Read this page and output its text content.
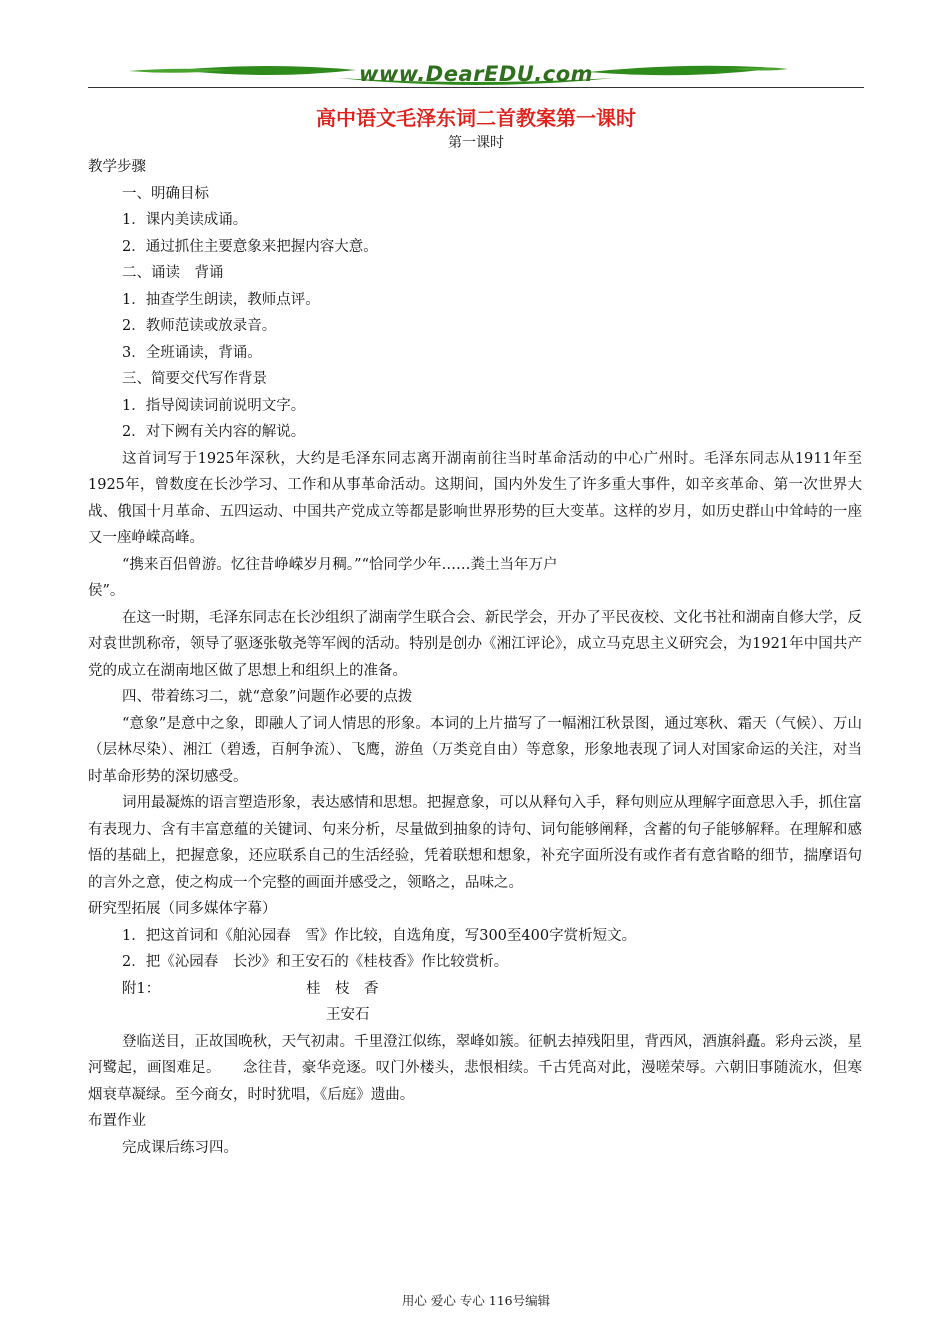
www.DearEDU.com
高中语文毛泽东词二首教案第一课时
第一课时
教学步骤
一、明确目标
1．课内美读成诵。
2．通过抓住主要意象来把握内容大意。
二、诵读　背诵
1．抽查学生朗读，教师点评。
2．教师范读或放录音。
3．全班诵读，背诵。
三、简要交代写作背景
1．指导阅读词前说明文字。
2．对下阙有关内容的解说。

这首词写于1925年深秋，大约是毛泽东同志离开湖南前往当时革命活动的中心广州时。毛泽东同志从1911年至1925年，曾数度在长沙学习、工作和从事革命活动。这期间，国内外发生了许多重大事件，如辛亥革命、第一次世界大战、俄国十月革命、五四运动、中国共产党成立等都是影响世界形势的巨大变革。这样的岁月，如历史群山中耸峙的一座又一座峥嵘高峰。

“携来百侣曾游。忆往昔峥嵘岁月稠。”“恰同学少年……粪土当年万户
侯”。

在这一时期，毛泽东同志在长沙组织了湖南学生联合会、新民学会，开办了平民夜校、文化书社和湖南自修大学，反对袁世凯称帝，领导了驱逐张敬尧等军阀的活动。特别是创办《湘江评论》，成立马克思主义研究会，为1921年中国共产党的成立在湖南地区做了思想上和组织上的准备。

四、带着练习二，就“意象”问题作必要的点拨

“意象”是意中之象，即融人了词人情思的形象。本词的上片描写了一幅湘江秋景图，通过寒秋、霜天（气候）、万山（层林尽染）、湘江（碧透，百舸争流）、飞鹰，游鱼（万类竞自由）等意象，形象地表现了词人对国家命运的关注，对当时革命形势的深切感受。

词用最凝炼的语言塑造形象，表达感情和思想。把握意象，可以从释句入手，释句则应从理解字面意思入手，抓住富有表现力、含有丰富意蕴的关键词、句来分析，尽量做到抽象的诗句、词句能够阐释，含蓄的句子能够解释。在理解和感悟的基础上，把握意象，还应联系自己的生活经验，凭着联想和想象，补充字面所没有或作者有意省略的细节，揣摩语句的言外之意，使之构成一个完整的画面并感受之，领略之，品味之。

研究型拓展（同多媒体字幕）
1．把这首词和《舶沁园春　雪》作比较，自选角度，写300至400字赏析短文。
2．把《沁园春　长沙》和王安石的《桂枝香》作比较赏析。
附1：	桂　枝　香
王安石

登临送目，正故国晚秋，天气初肃。千里澄江似练，翠峰如簇。征帆去掉残阳里，背西风，酒旗斜矗。彩舟云淡，星河鹭起，画图难足。　　念往昔，豪华竞逐。叹门外楼头，悲恨相续。千古凭高对此，漫嗟荣辱。六朝旧事随流水，但寒烟衰草凝绿。至今商女，时时犹唱，《后庭》遗曲。

布置作业
完成课后练习四。
用心 爱心 专心 116号编辑
